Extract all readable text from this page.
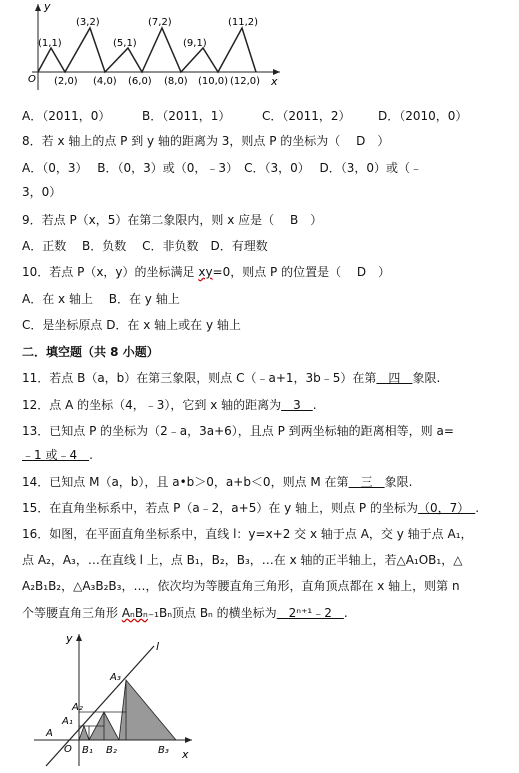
y
x
O
(1,1)
(3,2)
(5,1)
(7,2)
(9,1)
(11,2)
(2,0) (4,0) (6,0) (8,0) (10,0) (12,0)
A．（2011，0）	B．（2011，1）	C．（2011，2） D．（2010，0）
8．若 x 轴上的点 P 到 y 轴的距离为 3，则点 P 的坐标为（　 D　）
A．（0，3）　 B．（0，3）或（0，﹣3）　C．（3，0）　 D．（3，0）或（﹣
3，0）
9．若点 P（x，5）在第二象限内，则 x 应是（　 B　）
A．正数　 B．负数　 C．非负数　D．有理数
10．若点 P（x，y）的坐标满足 xy=0，则点 P 的位置是（　 D　）
A．在 x 轴上　 B．在 y 轴上
C．是坐标原点 D．在 x 轴上或在 y 轴上
二．填空题（共 8 小题）
11．若点 B（a，b）在第三象限，则点 C（﹣a+1，3b﹣5）在第　四　象限.
12．点 A 的坐标（4，﹣3），它到 x 轴的距离为　3　.
13．已知点 P 的坐标为（2﹣a，3a+6），且点 P 到两坐标轴的距离相等，则 a=
﹣1 或﹣4　.
14．已知点 M（a，b），且 a•b＞0，a+b＜0，则点 M 在第　三　象限.
15．在直角坐标系中，若点 P（a﹣2，a+5）在 y 轴上，则点 P 的坐标为（0，7）　.
16．如图，在平面直角坐标系中，直线 l：y=x+2 交 x 轴于点 A，交 y 轴于点 A₁，
点 A₂，A₃，…在直线 l 上，点 B₁，B₂，B₃，…在 x 轴的正半轴上，若△A₁OB₁，△
A₂B₁B₂，△A₃B₂B₃，…，依次均为等腰直角三角形，直角顶点都在 x 轴上，则第 n
个等腰直角三角形 AₙBₙ₋₁Bₙ顶点 Bₙ 的横坐标为　2ⁿ⁺¹﹣2　.
y
x
l
A
A₁
A₂
A₃
O B₁ B₂	B₃
